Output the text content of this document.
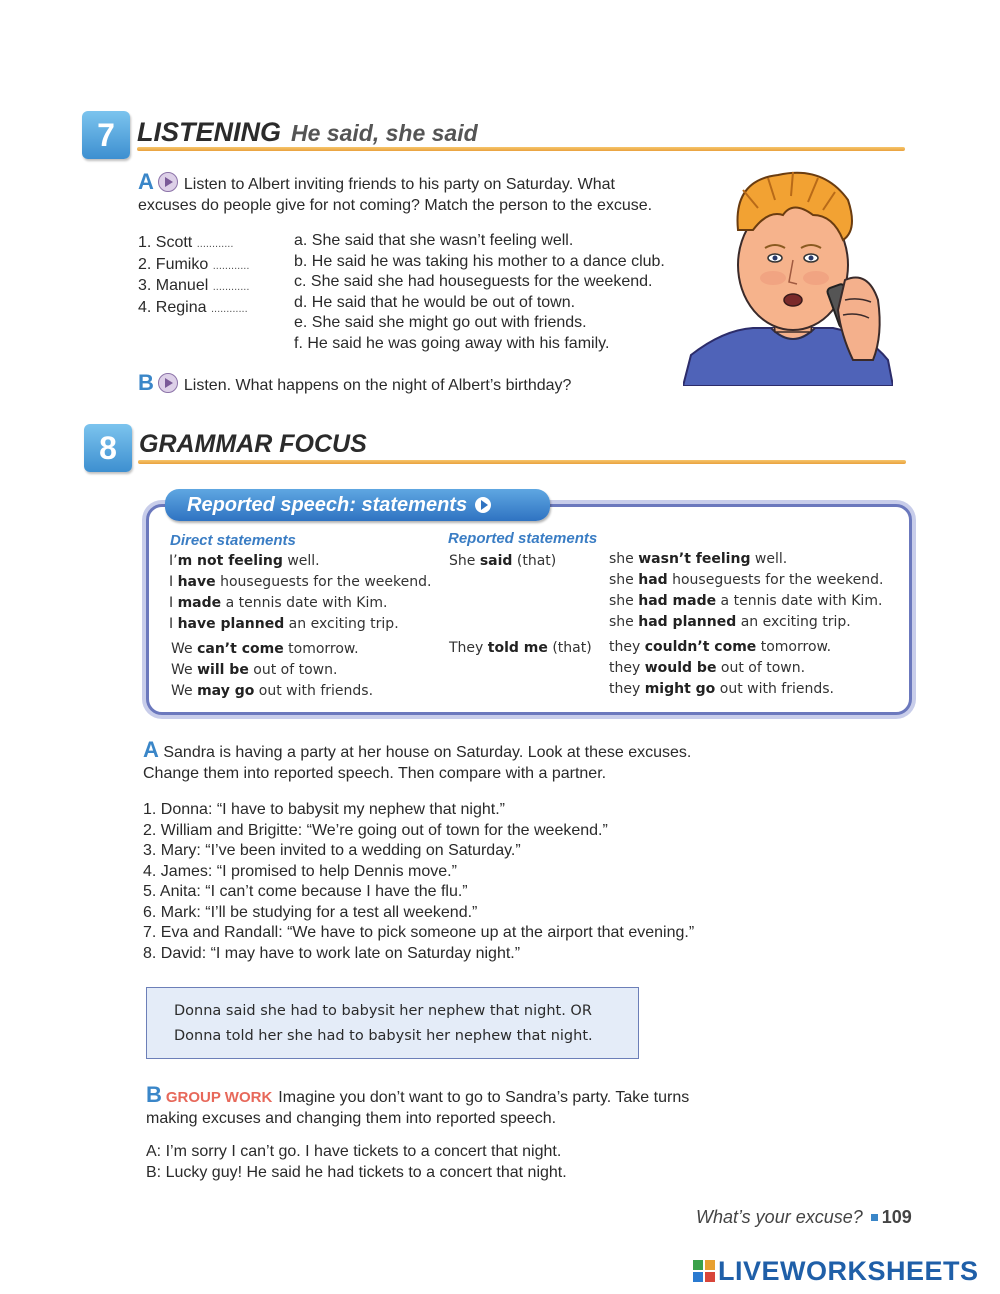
7 LISTENING He said, she said
A Listen to Albert inviting friends to his party on Saturday. What
excuses do people give for not coming? Match the person to the excuse.
1. Scott ............
2. Fumiko ............
3. Manuel ............
4. Regina ............
a. She said that she wasn’t feeling well.
b. He said he was taking his mother to a dance club.
c. She said she had houseguests for the weekend.
d. He said that he would be out of town.
e. She said she might go out with friends.
f. He said he was going away with his family.
B Listen. What happens on the night of Albert’s birthday?
8 GRAMMAR FOCUS
Reported speech: statements
Direct statements	Reported statements
I’m not feeling well.
I have houseguests for the weekend.
I made a tennis date with Kim.
I have planned an exciting trip.
We can’t come tomorrow.
We will be out of town.
We may go out with friends.
She said (that)
They told me (that)
she wasn’t feeling well.
she had houseguests for the weekend.
she had made a tennis date with Kim.
she had planned an exciting trip.
they couldn’t come tomorrow.
they would be out of town.
they might go out with friends.
A Sandra is having a party at her house on Saturday. Look at these excuses.
Change them into reported speech. Then compare with a partner.
1. Donna: “I have to babysit my nephew that night.”
2. William and Brigitte: “We’re going out of town for the weekend.”
3. Mary: “I’ve been invited to a wedding on Saturday.”
4. James: “I promised to help Dennis move.”
5. Anita: “I can’t come because I have the flu.”
6. Mark: “I’ll be studying for a test all weekend.”
7. Eva and Randall: “We have to pick someone up at the airport that evening.”
8. David: “I may have to work late on Saturday night.”
Donna said she had to babysit her nephew that night. OR
Donna told her she had to babysit her nephew that night.
B GROUP WORK Imagine you don’t want to go to Sandra’s party. Take turns
making excuses and changing them into reported speech.
A: I’m sorry I can’t go. I have tickets to a concert that night.
B: Lucky guy! He said he had tickets to a concert that night.
What’s your excuse? 109
LIVEWORKSHEETS
